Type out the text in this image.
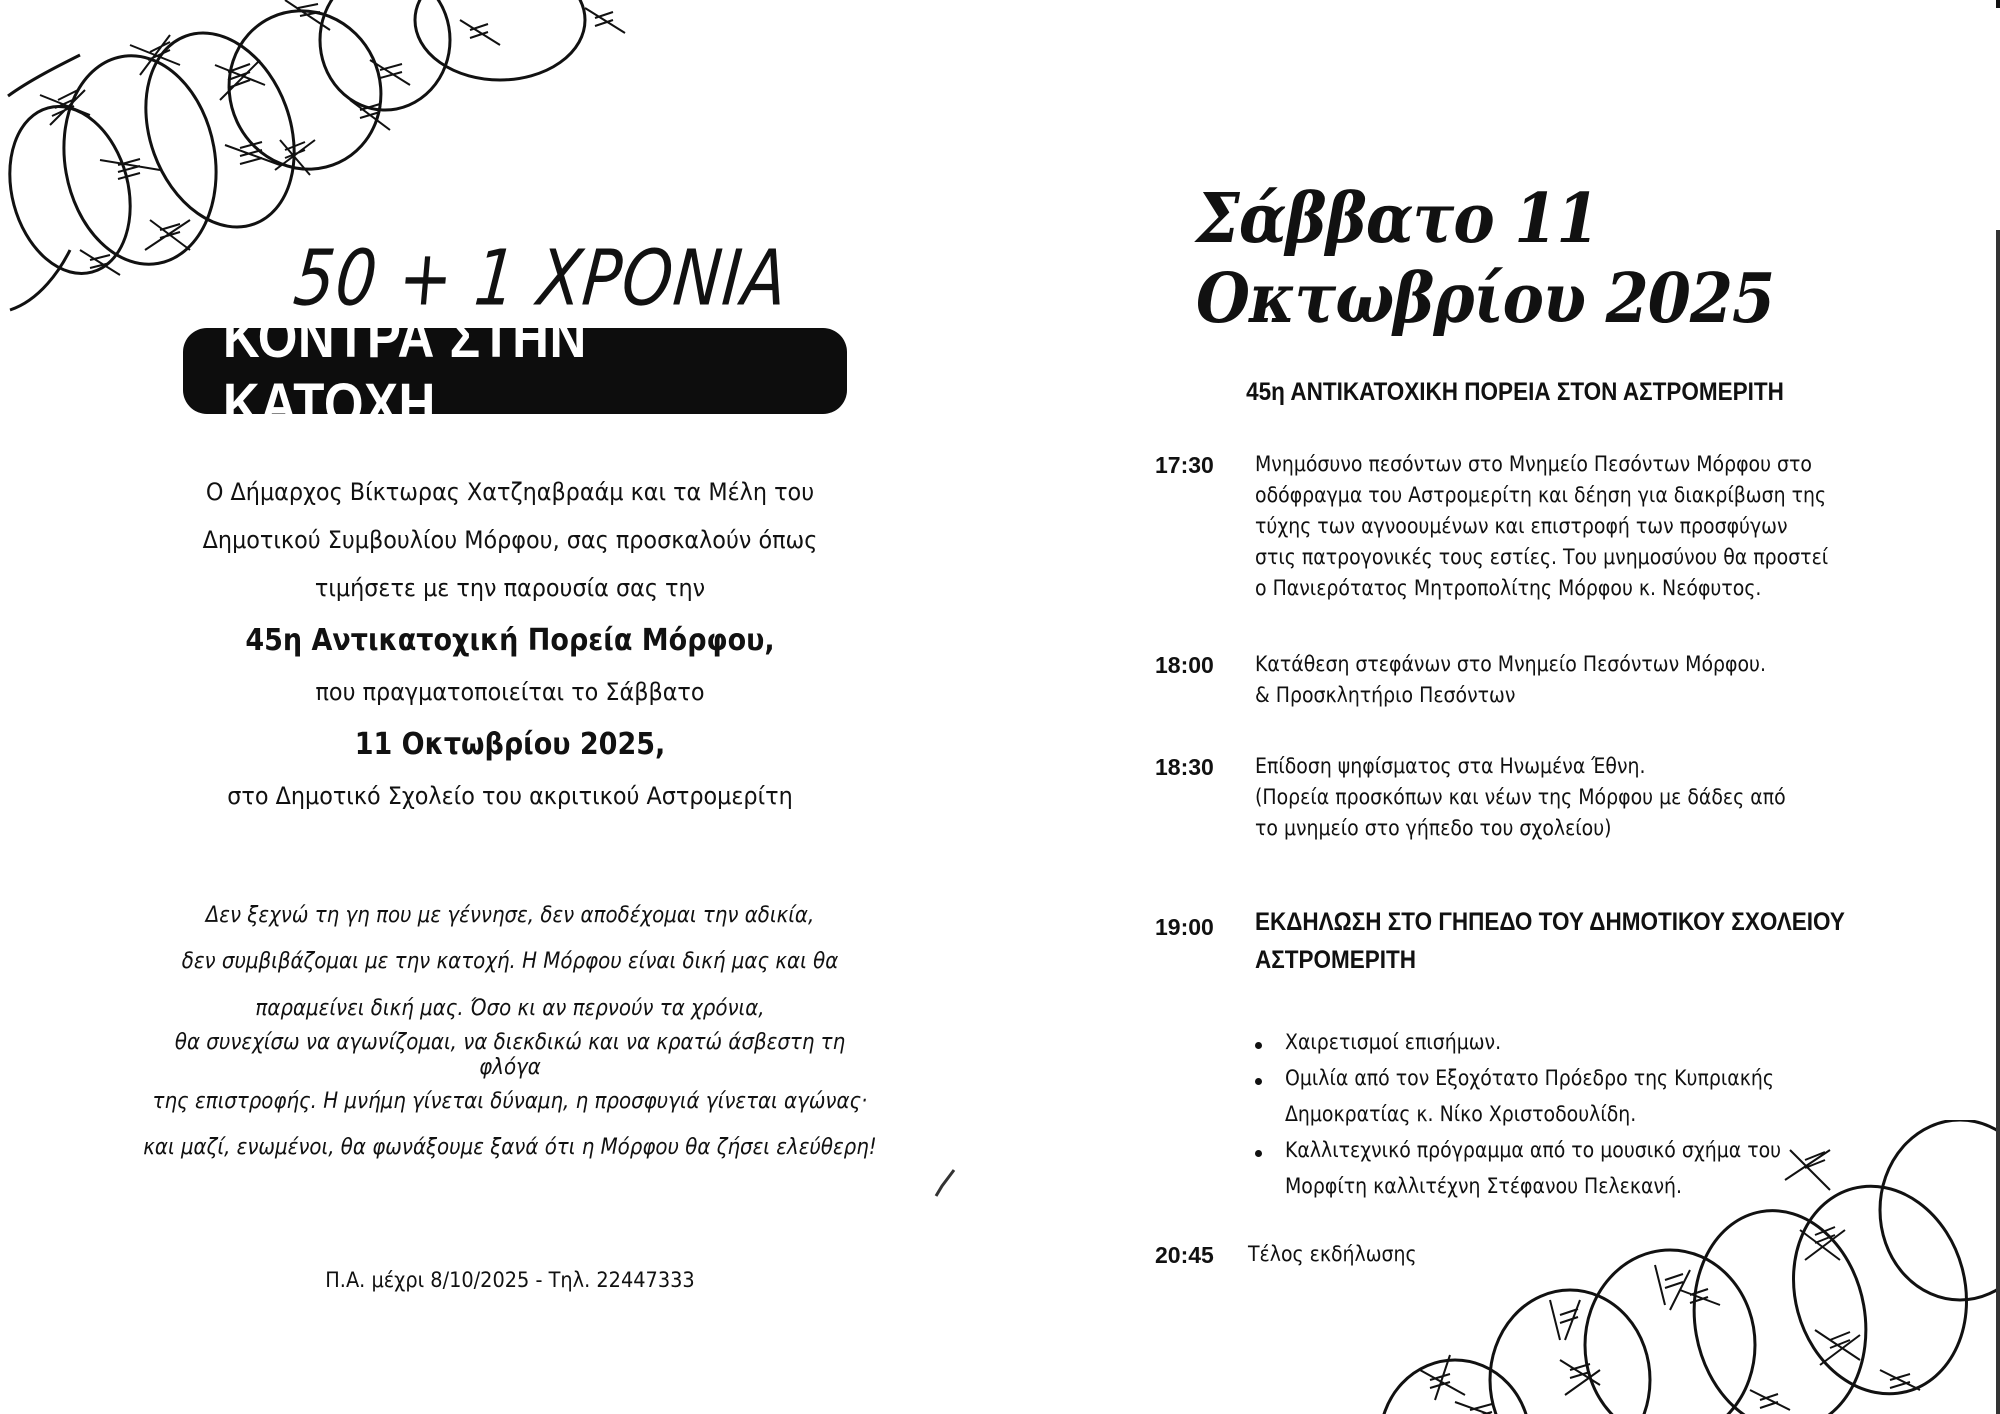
50 + 1 ΧΡΟΝΙΑ
ΚΟΝΤΡΑ ΣΤΗΝ ΚΑΤΟΧΗ
Ο Δήμαρχος Βίκτωρας Χατζηαβραάμ και τα Μέλη του
Δημοτικού Συμβουλίου Μόρφου, σας προσκαλούν όπως
τιμήσετε με την παρουσία σας την
45η Αντικατοχική Πορεία Μόρφου,
που πραγματοποιείται το Σάββατο
11 Οκτωβρίου 2025,
στο Δημοτικό Σχολείο του ακριτικού Αστρομερίτη
Δεν ξεχνώ τη γη που με γέννησε, δεν αποδέχομαι την αδικία,
δεν συμβιβάζομαι με την κατοχή. Η Μόρφου είναι δική μας και θα
παραμείνει δική μας. Όσο κι αν περνούν τα χρόνια,
θα συνεχίσω να αγωνίζομαι, να διεκδικώ και να κρατώ άσβεστη τη φλόγα
της επιστροφής. Η μνήμη γίνεται δύναμη, η προσφυγιά γίνεται αγώνας·
και μαζί, ενωμένοι, θα φωνάξουμε ξανά ότι η Μόρφου θα ζήσει ελεύθερη!
Π.Α. μέχρι 8/10/2025 - Τηλ. 22447333
Σάββατο 11 Οκτωβρίου 2025
45η ΑΝΤΙΚΑΤΟΧΙΚΗ ΠΟΡΕΙΑ ΣΤΟΝ ΑΣΤΡΟΜΕΡΙΤΗ
17:30 Μνημόσυνο πεσόντων στο Μνημείο Πεσόντων Μόρφου στο
οδόφραγμα του Αστρομερίτη και δέηση για διακρίβωση της
τύχης των αγνοουμένων και επιστροφή των προσφύγων
στις πατρογονικές τους εστίες. Του μνημοσύνου θα προστεί
ο Πανιερότατος Μητροπολίτης Μόρφου κ. Νεόφυτος.
18:00 Κατάθεση στεφάνων στο Μνημείο Πεσόντων Μόρφου.
& Προσκλητήριο Πεσόντων
18:30 Επίδοση ψηφίσματος στα Ηνωμένα Έθνη.
(Πορεία προσκόπων και νέων της Μόρφου με δάδες από
το μνημείο στο γήπεδο του σχολείου)
19:00 ΕΚΔΗΛΩΣΗ ΣΤΟ ΓΗΠΕΔΟ ΤΟΥ ΔΗΜΟΤΙΚΟΥ ΣΧΟΛΕΙΟΥ
ΑΣΤΡΟΜΕΡΙΤΗ
Χαιρετισμοί επισήμων.
Ομιλία από τον Εξοχότατο Πρόεδρο της Κυπριακής
Δημοκρατίας κ. Νίκο Χριστοδουλίδη.
Καλλιτεχνικό πρόγραμμα από το μουσικό σχήμα του
Μορφίτη καλλιτέχνη Στέφανου Πελεκανή.
20:45 Τέλος εκδήλωσης
